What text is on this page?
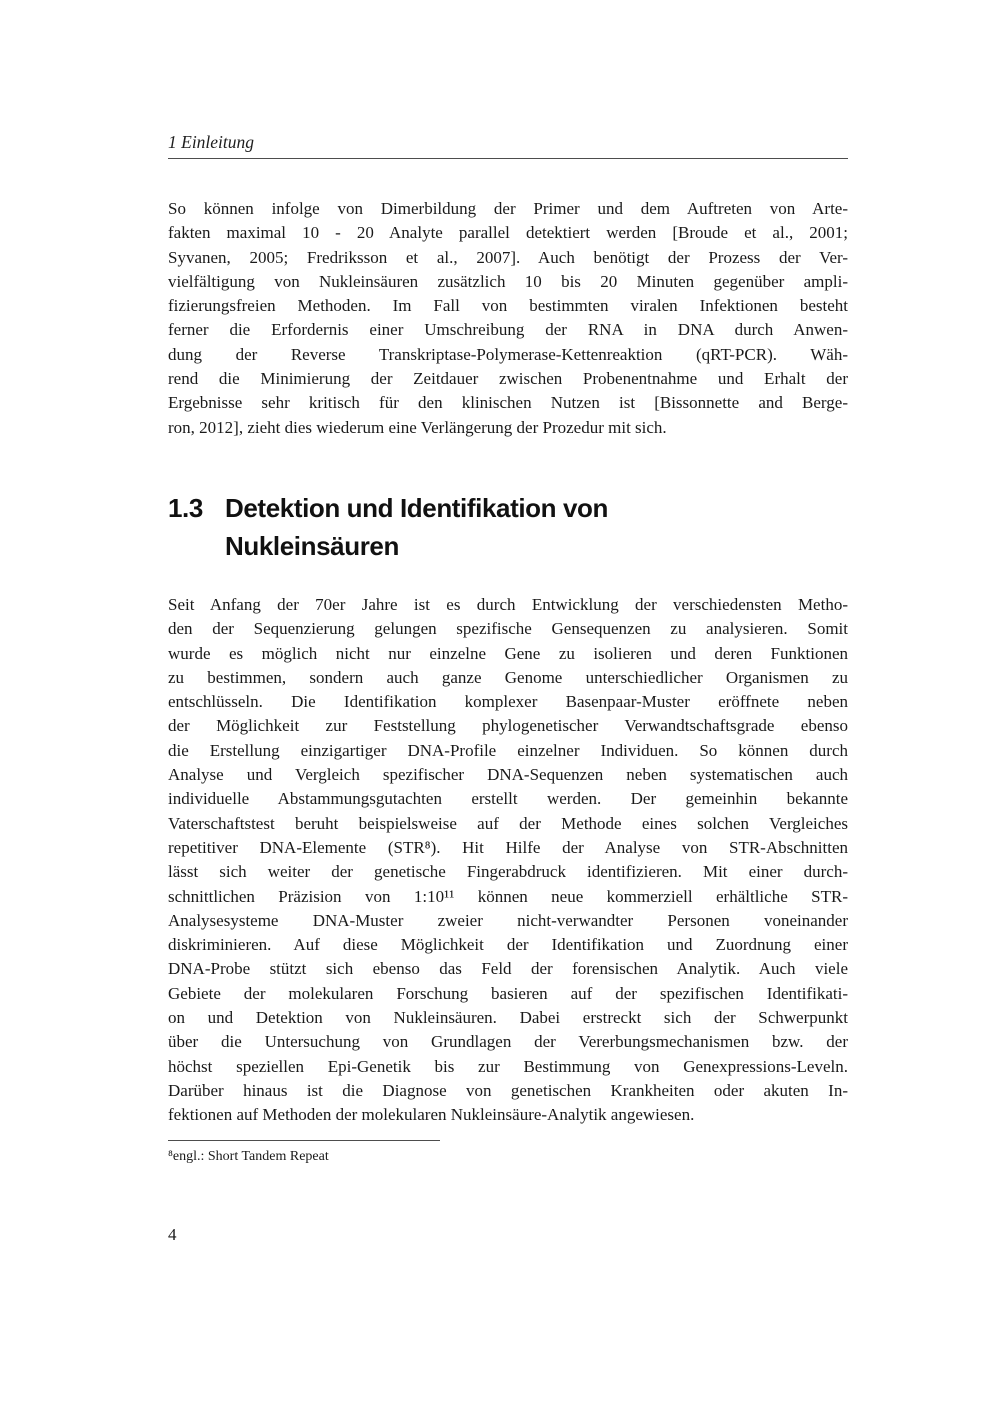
1 Einleitung
So können infolge von Dimerbildung der Primer und dem Auftreten von Arte-
fakten maximal 10 - 20 Analyte parallel detektiert werden [Broude et al., 2001;
Syvanen, 2005; Fredriksson et al., 2007]. Auch benötigt der Prozess der Ver-
vielfältigung von Nukleinsäuren zusätzlich 10 bis 20 Minuten gegenüber ampli-
fizierungsfreien Methoden. Im Fall von bestimmten viralen Infektionen besteht
ferner die Erfordernis einer Umschreibung der RNA in DNA durch Anwen-
dung der Reverse Transkriptase-Polymerase-Kettenreaktion (qRT-PCR). Wäh-
rend die Minimierung der Zeitdauer zwischen Probenentnahme und Erhalt der
Ergebnisse sehr kritisch für den klinischen Nutzen ist [Bissonnette and Berge-
ron, 2012], zieht dies wiederum eine Verlängerung der Prozedur mit sich.
1.3 Detektion und Identifikation von
Nukleinsäuren
Seit Anfang der 70er Jahre ist es durch Entwicklung der verschiedensten Metho-
den der Sequenzierung gelungen spezifische Gensequenzen zu analysieren. Somit
wurde es möglich nicht nur einzelne Gene zu isolieren und deren Funktionen
zu bestimmen, sondern auch ganze Genome unterschiedlicher Organismen zu
entschlüsseln. Die Identifikation komplexer Basenpaar-Muster eröffnete neben
der Möglichkeit zur Feststellung phylogenetischer Verwandtschaftsgrade ebenso
die Erstellung einzigartiger DNA-Profile einzelner Individuen. So können durch
Analyse und Vergleich spezifischer DNA-Sequenzen neben systematischen auch
individuelle Abstammungsgutachten erstellt werden. Der gemeinhin bekannte
Vaterschaftstest beruht beispielsweise auf der Methode eines solchen Vergleiches
repetitiver DNA-Elemente (STR⁸). Hit Hilfe der Analyse von STR-Abschnitten
lässt sich weiter der genetische Fingerabdruck identifizieren. Mit einer durch-
schnittlichen Präzision von 1:10¹¹ können neue kommerziell erhältliche STR-
Analysesysteme DNA-Muster zweier nicht-verwandter Personen voneinander
diskriminieren. Auf diese Möglichkeit der Identifikation und Zuordnung einer
DNA-Probe stützt sich ebenso das Feld der forensischen Analytik. Auch viele
Gebiete der molekularen Forschung basieren auf der spezifischen Identifikati-
on und Detektion von Nukleinsäuren. Dabei erstreckt sich der Schwerpunkt
über die Untersuchung von Grundlagen der Vererbungsmechanismen bzw. der
höchst speziellen Epi-Genetik bis zur Bestimmung von Genexpressions-Leveln.
Darüber hinaus ist die Diagnose von genetischen Krankheiten oder akuten In-
fektionen auf Methoden der molekularen Nukleinsäure-Analytik angewiesen.
⁸engl.: Short Tandem Repeat
4
